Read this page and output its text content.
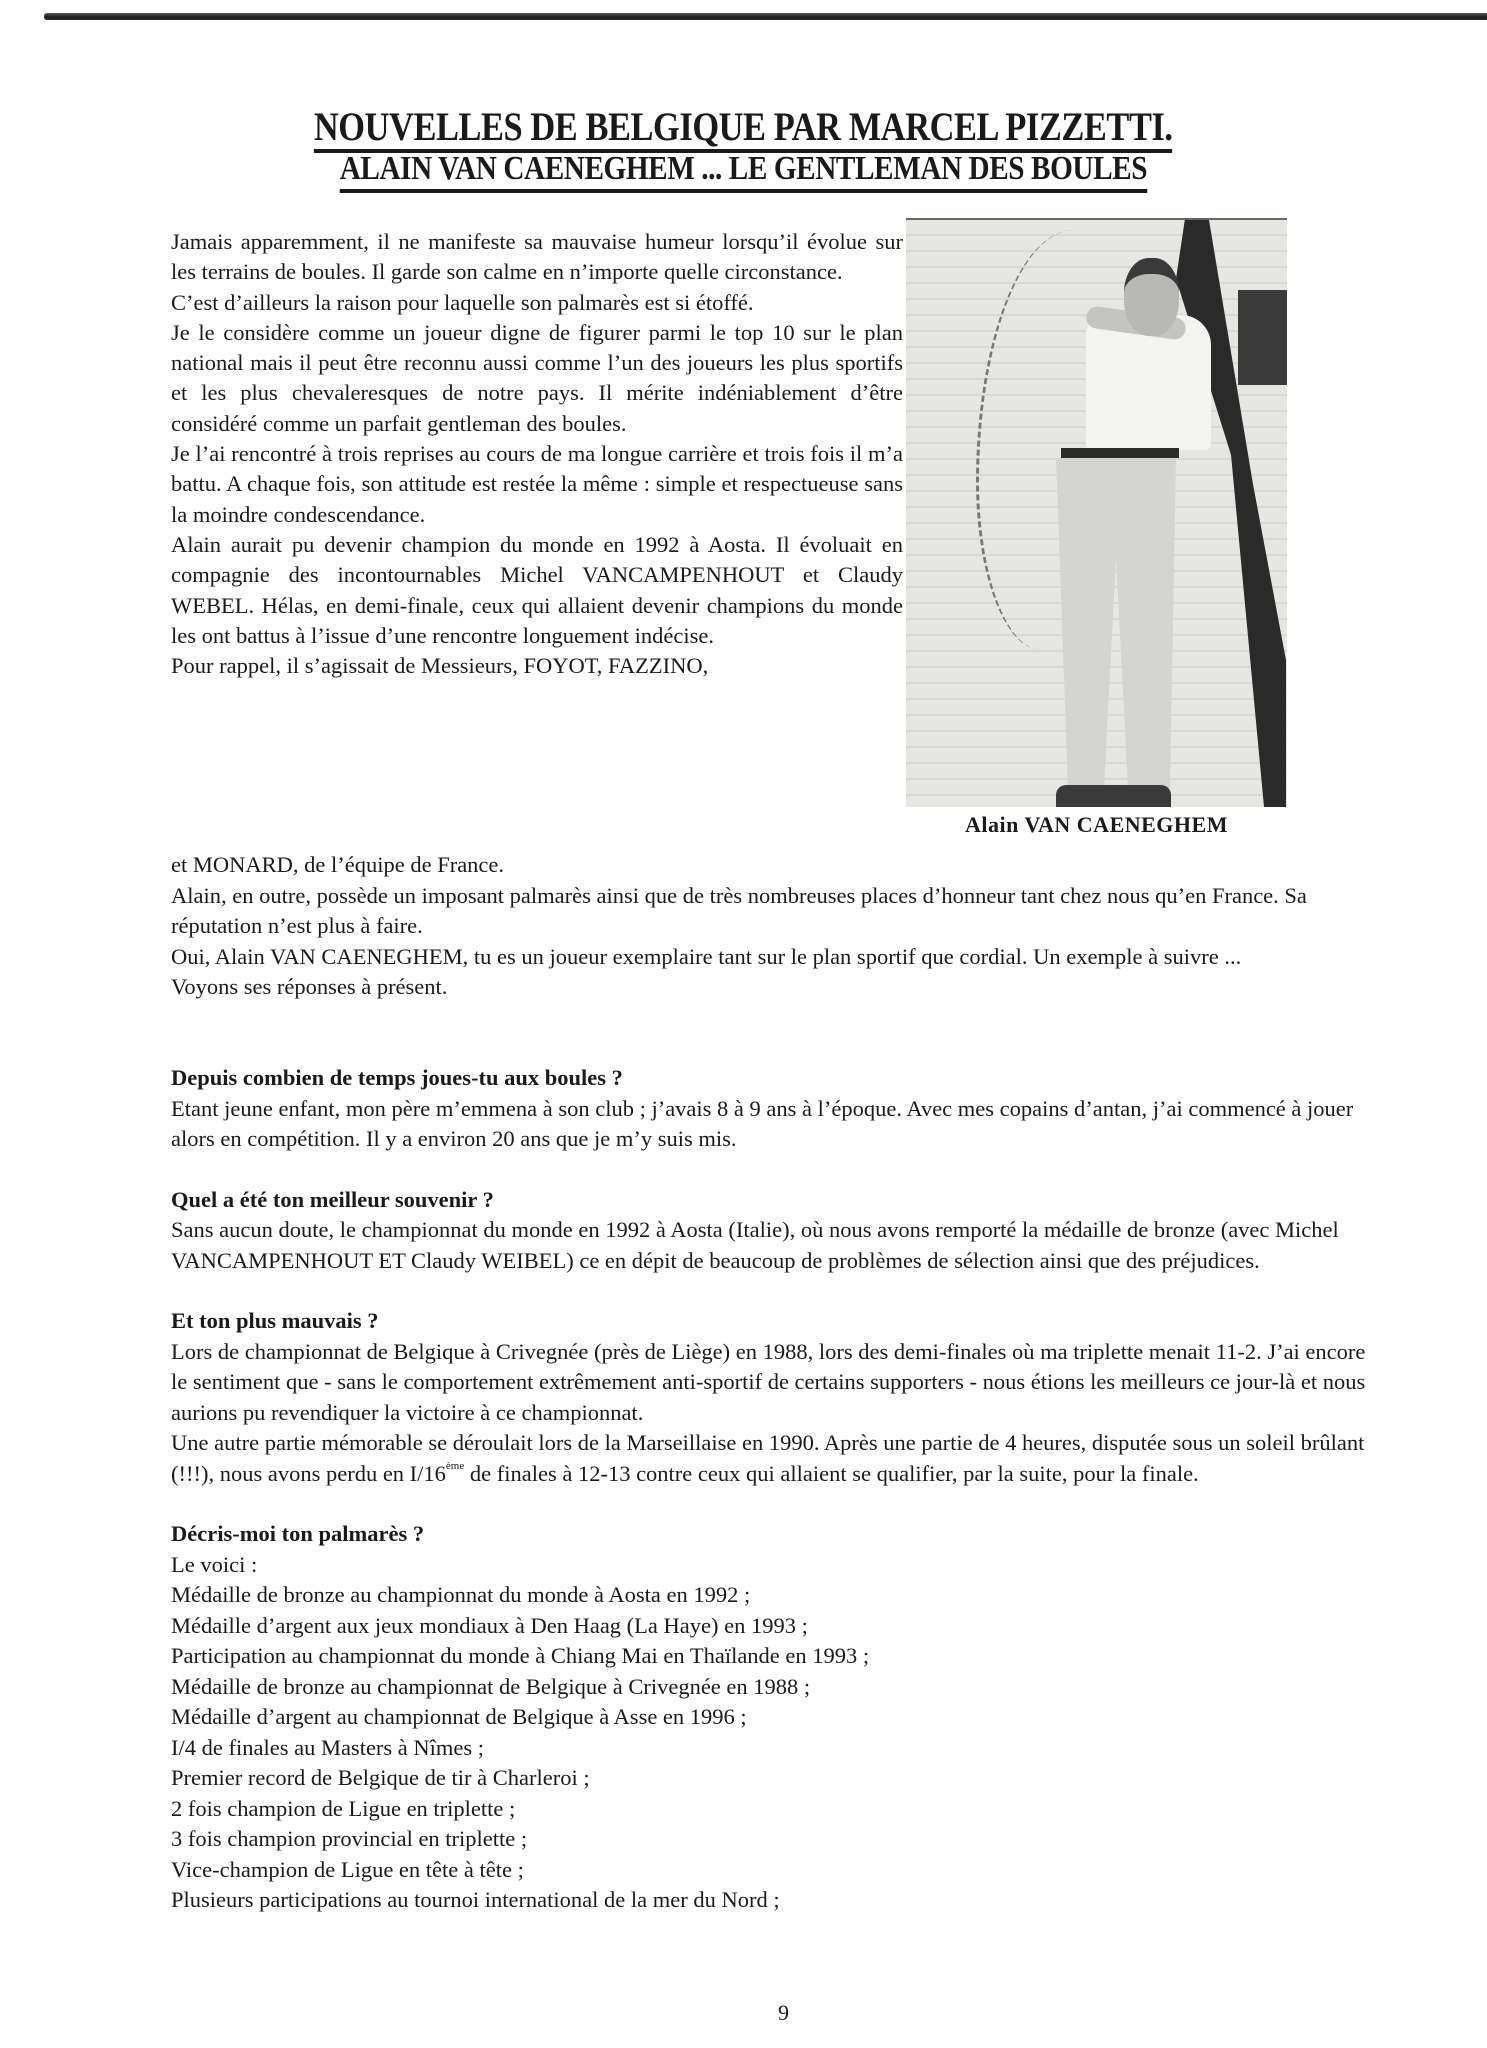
NOUVELLES DE BELGIQUE PAR MARCEL PIZZETTI.
ALAIN VAN CAENEGHEM ... LE GENTLEMAN DES BOULES

Jamais apparemment, il ne manifeste sa mauvaise humeur lorsqu’il évolue sur les terrains de boules. Il garde son calme en n’importe quelle circonstance.

C’est d’ailleurs la raison pour laquelle son palmarès est si étoffé.

Je le considère comme un joueur digne de figurer parmi le top 10 sur le plan national mais il peut être reconnu aussi comme l’un des joueurs les plus sportifs et les plus chevaleresques de notre pays. Il mérite indéniablement d’être considéré comme un parfait gentleman des boules.

Je l’ai rencontré à trois reprises au cours de ma longue carrière et trois fois il m’a battu. A chaque fois, son attitude est restée la même : simple et respectueuse sans la moindre condescendance.

Alain aurait pu devenir champion du monde en 1992 à Aosta. Il évoluait en compagnie des incontournables Michel VANCAMPENHOUT et Claudy WEBEL. Hélas, en demi-finale, ceux qui allaient devenir champions du monde les ont battus à l’issue d’une rencontre longuement indécise.

Pour rappel, il s’agissait de Messieurs, FOYOT, FAZZINO,

Alain VAN CAENEGHEM

et MONARD, de l’équipe de France.

Alain, en outre, possède un imposant palmarès ainsi que de très nombreuses places d’honneur tant chez nous qu’en France. Sa réputation n’est plus à faire.

Oui, Alain VAN CAENEGHEM, tu es un joueur exemplaire tant sur le plan sportif que cordial. Un exemple à suivre ...

Voyons ses réponses à présent.

Depuis combien de temps joues-tu aux boules ?

Etant jeune enfant, mon père m’emmena à son club ; j’avais 8 à 9 ans à l’époque. Avec mes copains d’antan, j’ai commencé à jouer alors en compétition. Il y a environ 20 ans que je m’y suis mis.

Quel a été ton meilleur souvenir ?

Sans aucun doute, le championnat du monde en 1992 à Aosta (Italie), où nous avons remporté la médaille de bronze (avec Michel VANCAMPENHOUT ET Claudy WEIBEL) ce en dépit de beaucoup de problèmes de sélection ainsi que des préjudices.

Et ton plus mauvais ?

Lors de championnat de Belgique à Crivegnée (près de Liège) en 1988, lors des demi-finales où ma triplette menait 11-2. J’ai encore le sentiment que - sans le comportement extrêmement anti-sportif de certains supporters - nous étions les meilleurs ce jour-là et nous aurions pu revendiquer la victoire à ce championnat.

Une autre partie mémorable se déroulait lors de la Marseillaise en 1990. Après une partie de 4 heures, disputée sous un soleil brûlant (!!!), nous avons perdu en I/16ème de finales à 12-13 contre ceux qui allaient se qualifier, par la suite, pour la finale.

Décris-moi ton palmarès ?

Le voici :

Médaille de bronze au championnat du monde à Aosta en 1992 ;

Médaille d’argent aux jeux mondiaux à Den Haag (La Haye) en 1993 ;

Participation au championnat du monde à Chiang Mai en Thaïlande en 1993 ;

Médaille de bronze au championnat de Belgique à Crivegnée en 1988 ;

Médaille d’argent au championnat de Belgique à Asse en 1996 ;

I/4 de finales au Masters à Nîmes ;

Premier record de Belgique de tir à Charleroi ;

2 fois champion de Ligue en triplette ;

3 fois champion provincial en triplette ;

Vice-champion de Ligue en tête à tête ;

Plusieurs participations au tournoi international de la mer du Nord ;

9
